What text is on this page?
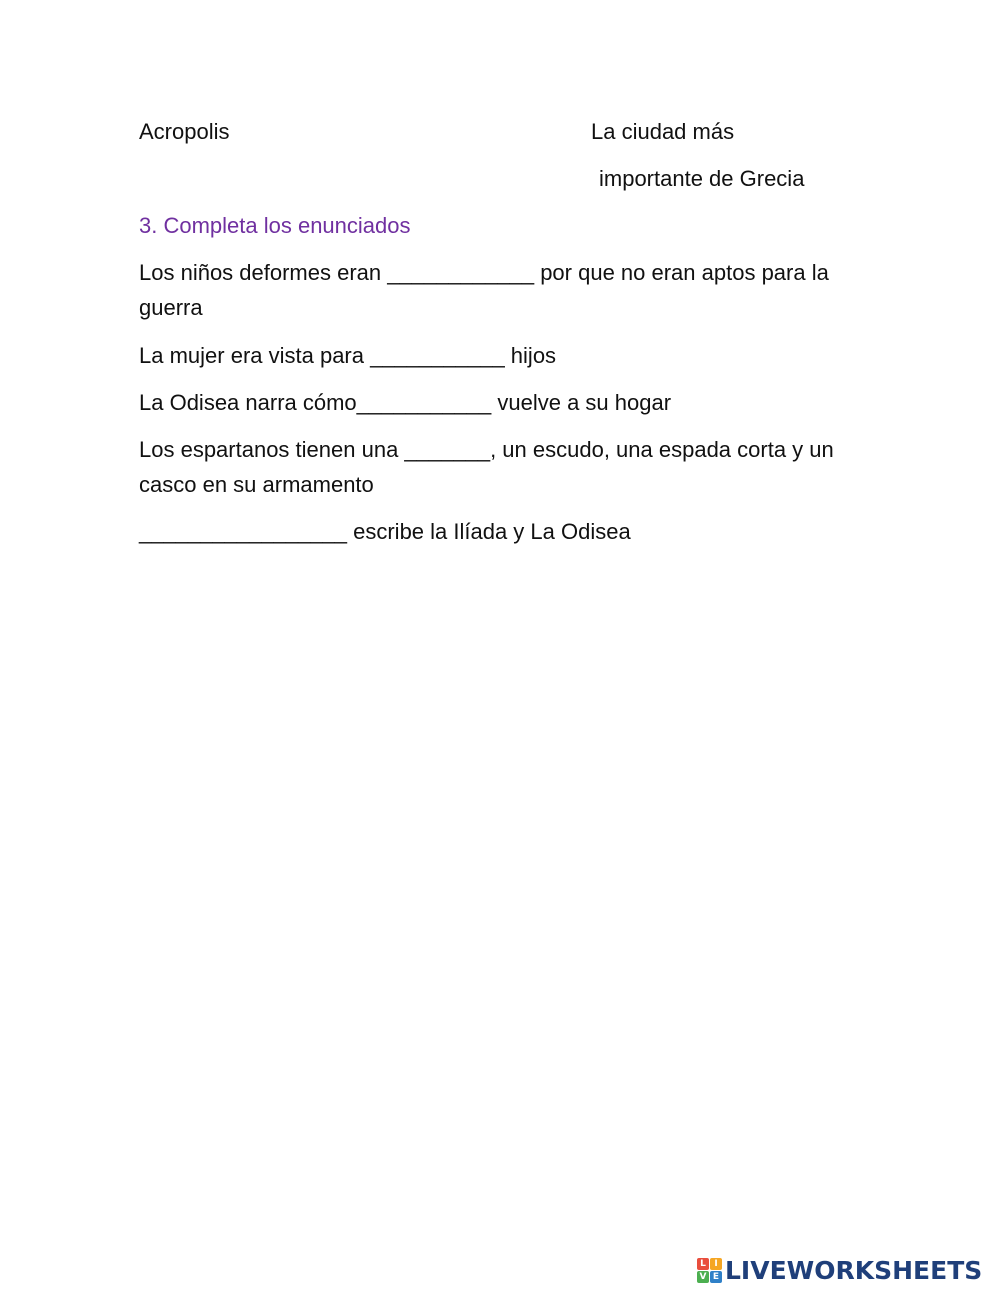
Acropolis	La ciudad más
importante de Grecia
3. Completa los enunciados
Los niños deformes eran ____________ por que no eran aptos para la guerra
La mujer era vista para ___________ hijos
La Odisea narra cómo___________ vuelve a su hogar
Los espartanos tienen una _______, un escudo, una espada corta y un casco en su armamento
_________________ escribe la Ilíada y La Odisea
L I
V E LIVEWORKSHEETS
